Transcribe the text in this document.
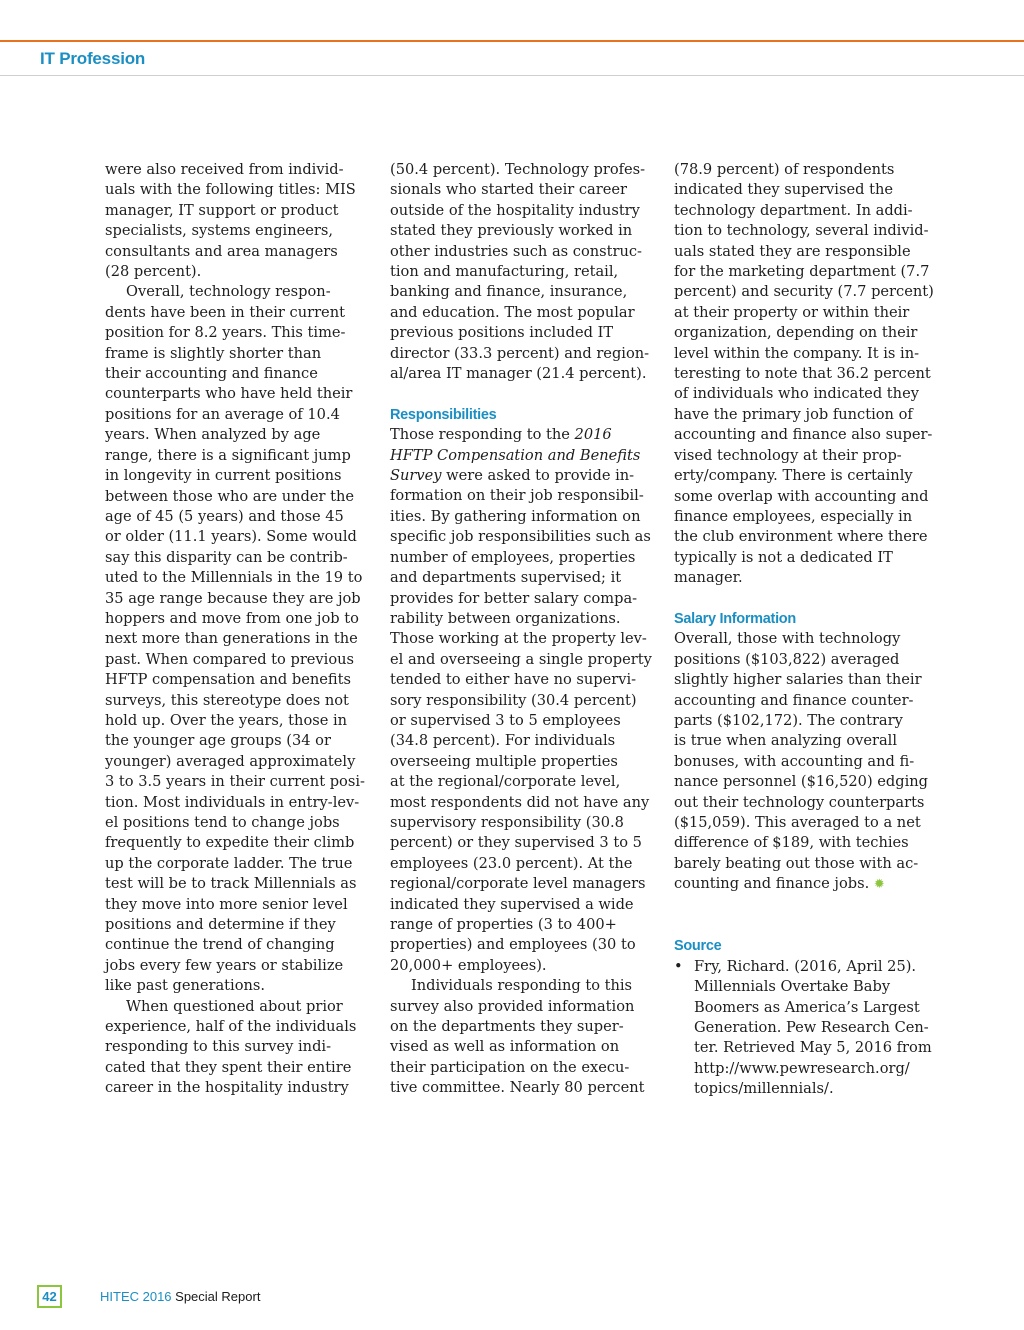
IT Profession
were also received from individ-
uals with the following titles: MIS
manager, IT support or product
specialists, systems engineers,
consultants and area managers
(28 percent).
Overall, technology respon-
dents have been in their current
position for 8.2 years. This time-
frame is slightly shorter than
their accounting and finance
counterparts who have held their
positions for an average of 10.4
years. When analyzed by age
range, there is a significant jump
in longevity in current positions
between those who are under the
age of 45 (5 years) and those 45
or older (11.1 years). Some would
say this disparity can be contrib-
uted to the Millennials in the 19 to
35 age range because they are job
hoppers and move from one job to
next more than generations in the
past. When compared to previous
HFTP compensation and benefits
surveys, this stereotype does not
hold up. Over the years, those in
the younger age groups (34 or
younger) averaged approximately
3 to 3.5 years in their current posi-
tion. Most individuals in entry-lev-
el positions tend to change jobs
frequently to expedite their climb
up the corporate ladder. The true
test will be to track Millennials as
they move into more senior level
positions and determine if they
continue the trend of changing
jobs every few years or stabilize
like past generations.
When questioned about prior
experience, half of the individuals
responding to this survey indi-
cated that they spent their entire
career in the hospitality industry
(50.4 percent). Technology profes-
sionals who started their career
outside of the hospitality industry
stated they previously worked in
other industries such as construc-
tion and manufacturing, retail,
banking and finance, insurance,
and education. The most popular
previous positions included IT
director (33.3 percent) and region-
al/area IT manager (21.4 percent).
Responsibilities
Those responding to the 2016
HFTP Compensation and Benefits
Survey were asked to provide in-
formation on their job responsibil-
ities. By gathering information on
specific job responsibilities such as
number of employees, properties
and departments supervised; it
provides for better salary compa-
rability between organizations.
Those working at the property lev-
el and overseeing a single property
tended to either have no supervi-
sory responsibility (30.4 percent)
or supervised 3 to 5 employees
(34.8 percent). For individuals
overseeing multiple properties
at the regional/corporate level,
most respondents did not have any
supervisory responsibility (30.8
percent) or they supervised 3 to 5
employees (23.0 percent). At the
regional/corporate level managers
indicated they supervised a wide
range of properties (3 to 400+
properties) and employees (30 to
20,000+ employees).
Individuals responding to this
survey also provided information
on the departments they super-
vised as well as information on
their participation on the execu-
tive committee. Nearly 80 percent
(78.9 percent) of respondents
indicated they supervised the
technology department. In addi-
tion to technology, several individ-
uals stated they are responsible
for the marketing department (7.7
percent) and security (7.7 percent)
at their property or within their
organization, depending on their
level within the company. It is in-
teresting to note that 36.2 percent
of individuals who indicated they
have the primary job function of
accounting and finance also super-
vised technology at their prop-
erty/company. There is certainly
some overlap with accounting and
finance employees, especially in
the club environment where there
typically is not a dedicated IT
manager.
Salary Information
Overall, those with technology
positions ($103,822) averaged
slightly higher salaries than their
accounting and finance counter-
parts ($102,172). The contrary
is true when analyzing overall
bonuses, with accounting and fi-
nance personnel ($16,520) edging
out their technology counterparts
($15,059). This averaged to a net
difference of $189, with techies
barely beating out those with ac-
counting and finance jobs. ✹
Source
• Fry, Richard. (2016, April 25).
Millennials Overtake Baby
Boomers as America’s Largest
Generation. Pew Research Cen-
ter. Retrieved May 5, 2016 from
http://www.pewresearch.org/
topics/millennials/.
42	HITEC 2016 Special Report
